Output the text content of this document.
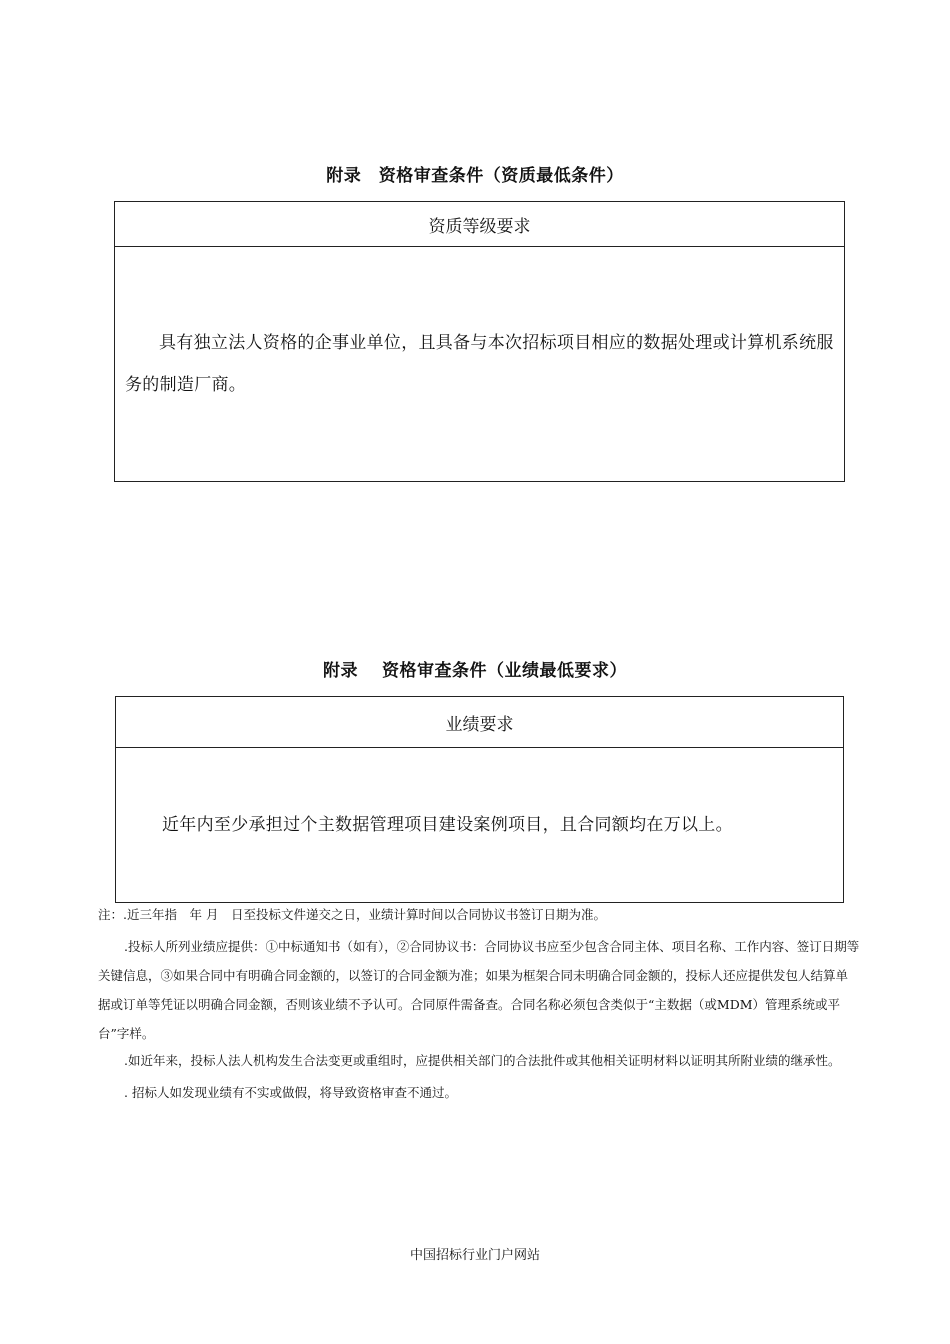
附录　资格审查条件（资质最低条件）
资质等级要求

具有独立法人资格的企事业单位，且具备与本次招标项目相应的数据处理或计算机系统服务的制造厂商。

附录　 资格审查条件（业绩最低要求）
业绩要求

近年内至少承担过个主数据管理项目建设案例项目，且合同额均在万以上。

注：.近三年指　年 月　日至投标文件递交之日，业绩计算时间以合同协议书签订日期为准。

.投标人所列业绩应提供：①中标通知书（如有），②合同协议书：合同协议书应至少包含合同主体、项目名称、工作内容、签订日期等关键信息，③如果合同中有明确合同金额的，以签订的合同金额为准；如果为框架合同未明确合同金额的，投标人还应提供发包人结算单据或订单等凭证以明确合同金额，否则该业绩不予认可。合同原件需备查。合同名称必须包含类似于“主数据（或MDM）管理系统或平台”字样。

.如近年来，投标人法人机构发生合法变更或重组时，应提供相关部门的合法批件或其他相关证明材料以证明其所附业绩的继承性。

. 招标人如发现业绩有不实或做假，将导致资格审查不通过。

中国招标行业门户网站
